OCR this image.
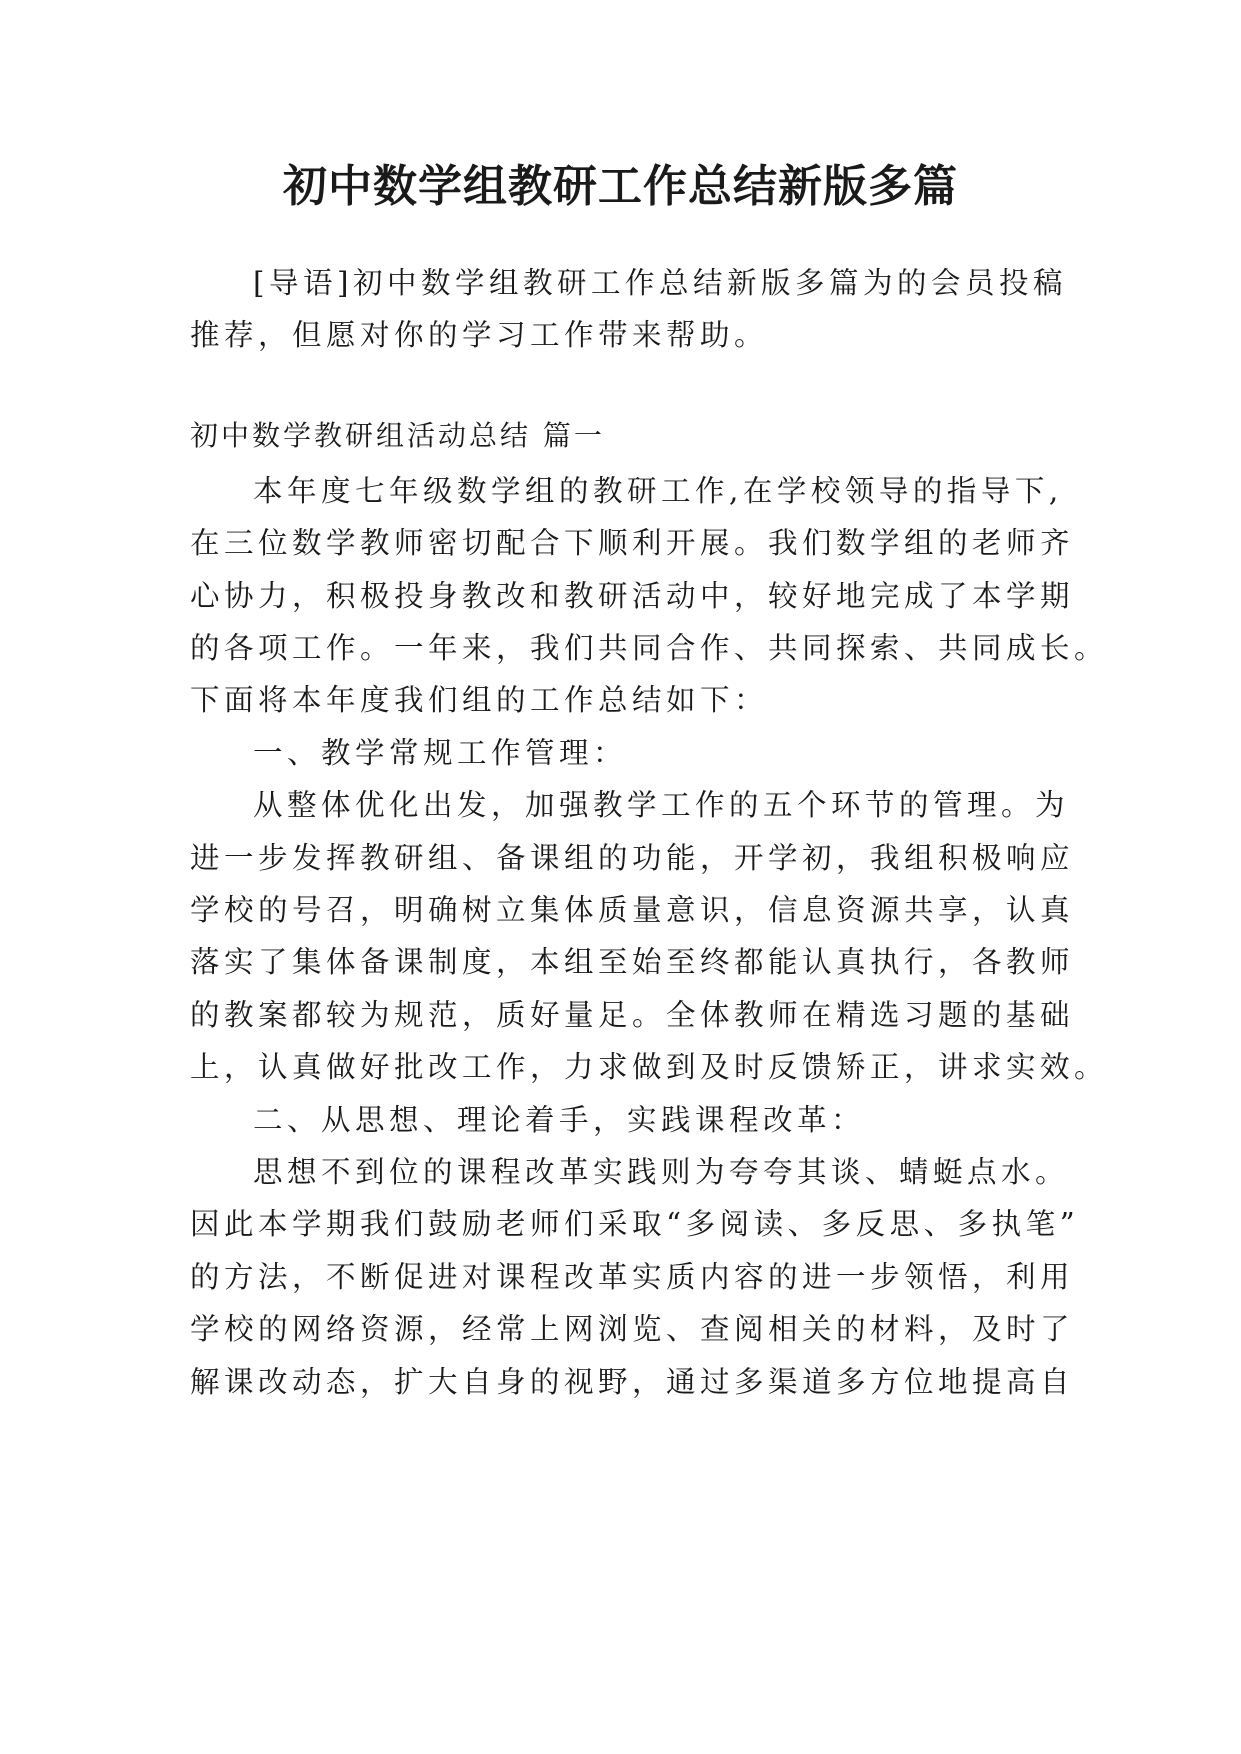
初中数学组教研工作总结新版多篇
[导语]初中数学组教研工作总结新版多篇为的会员投稿
推荐，但愿对你的学习工作带来帮助。
初中数学教研组活动总结 篇一
本年度七年级数学组的教研工作,在学校领导的指导下,
在三位数学教师密切配合下顺利开展。我们数学组的老师齐
心协力，积极投身教改和教研活动中，较好地完成了本学期
的各项工作。一年来，我们共同合作、共同探索、共同成长。
下面将本年度我们组的工作总结如下：
一、教学常规工作管理：
从整体优化出发，加强教学工作的五个环节的管理。为
进一步发挥教研组、备课组的功能，开学初，我组积极响应
学校的号召，明确树立集体质量意识，信息资源共享，认真
落实了集体备课制度，本组至始至终都能认真执行，各教师
的教案都较为规范，质好量足。全体教师在精选习题的基础
上，认真做好批改工作，力求做到及时反馈矫正，讲求实效。
二、从思想、理论着手，实践课程改革：
思想不到位的课程改革实践则为夸夸其谈、蜻蜓点水。
因此本学期我们鼓励老师们采取“多阅读、多反思、多执笔”
的方法，不断促进对课程改革实质内容的进一步领悟，利用
学校的网络资源，经常上网浏览、查阅相关的材料，及时了
解课改动态，扩大自身的视野，通过多渠道多方位地提高自
